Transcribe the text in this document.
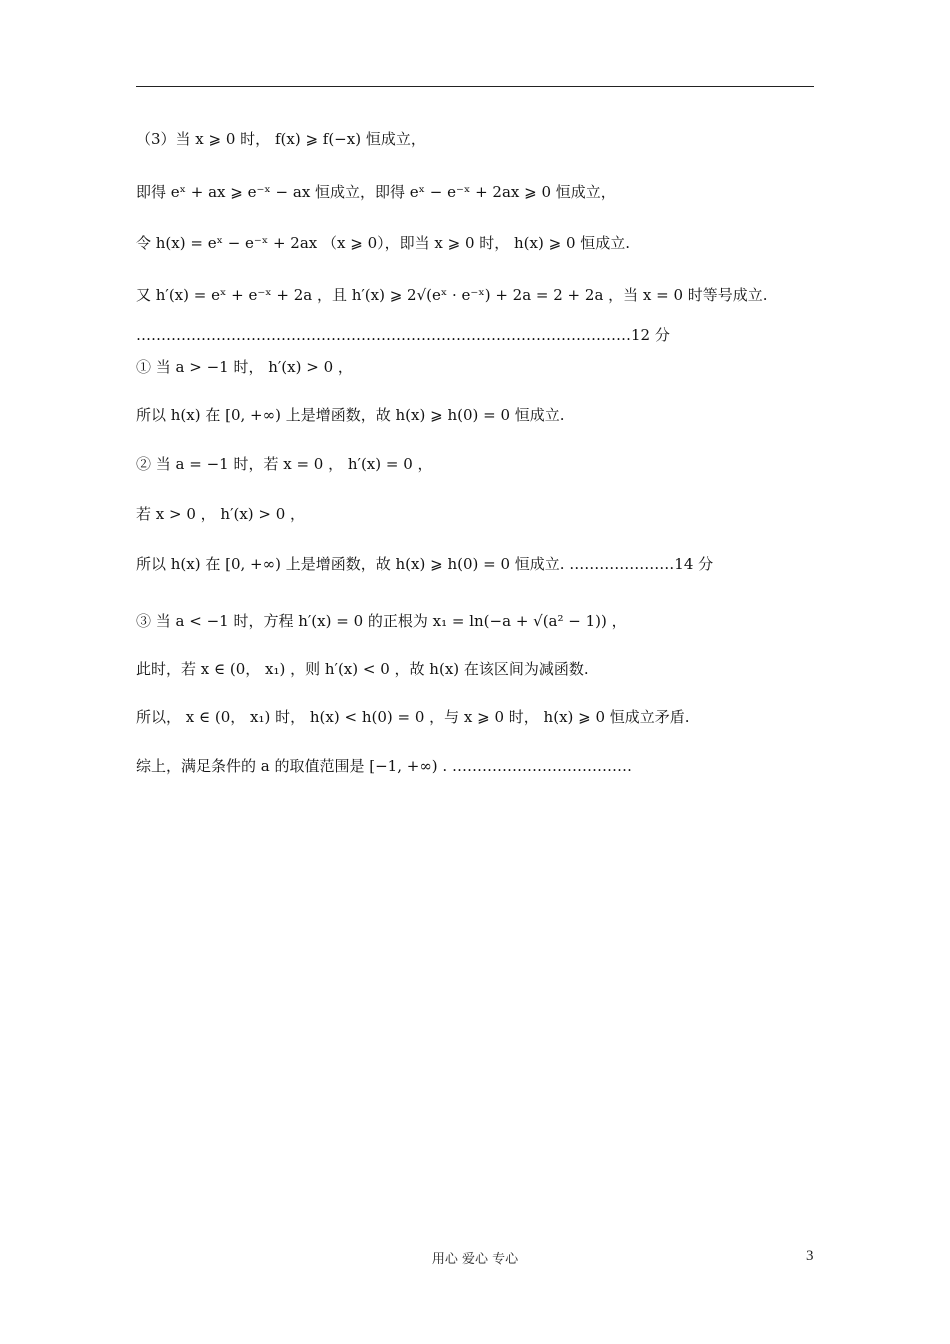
（3）当 x ⩾ 0 时， f(x) ⩾ f(−x) 恒成立，
即得 eˣ + ax ⩾ e⁻ˣ − ax 恒成立，即得 eˣ − e⁻ˣ + 2ax ⩾ 0 恒成立，
令 h(x) = eˣ − e⁻ˣ + 2ax （x ⩾ 0），即当 x ⩾ 0 时， h(x) ⩾ 0 恒成立.
又 h′(x) = eˣ + e⁻ˣ + 2a ，且 h′(x) ⩾ 2√(eˣ · e⁻ˣ) + 2a = 2 + 2a ，当 x = 0 时等号成立.
………………………………………………………………………………………12 分
① 当 a > −1 时， h′(x) > 0 ，
所以 h(x) 在 [0, +∞) 上是增函数，故 h(x) ⩾ h(0) = 0 恒成立.
② 当 a = −1 时，若 x = 0 ， h′(x) = 0 ，
若 x > 0 ， h′(x) > 0 ，
所以 h(x) 在 [0, +∞) 上是增函数，故 h(x) ⩾ h(0) = 0 恒成立. …………………14 分
③ 当 a < −1 时，方程 h′(x) = 0 的正根为 x₁ = ln(−a + √(a² − 1)) ，
此时，若 x ∈ (0， x₁) ，则 h′(x) < 0 ，故 h(x) 在该区间为减函数.
所以， x ∈ (0， x₁) 时， h(x) < h(0) = 0 ，与 x ⩾ 0 时， h(x) ⩾ 0 恒成立矛盾.
综上，满足条件的 a 的取值范围是 [−1, +∞) . ………………………………
用心 爱心 专心	3
